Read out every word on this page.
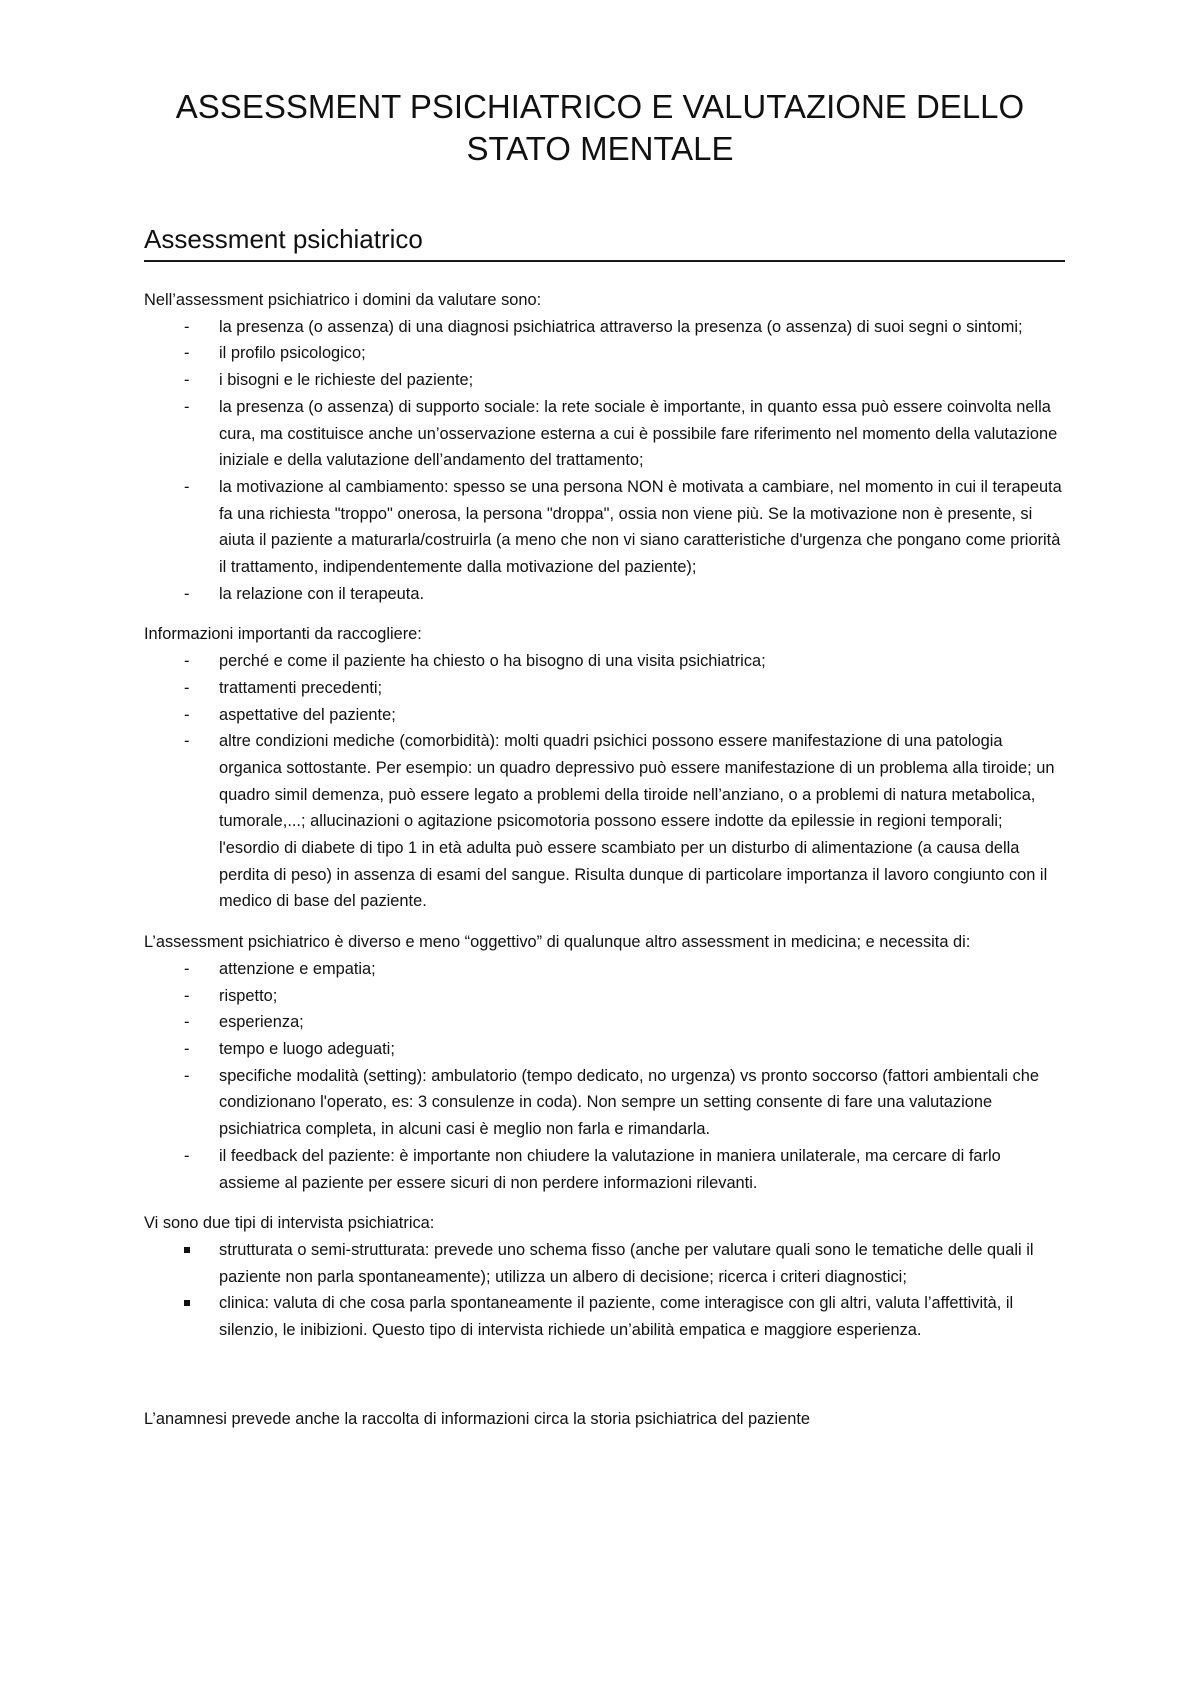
ASSESSMENT PSICHIATRICO E VALUTAZIONE DELLO STATO MENTALE
Assessment psichiatrico

Nell’assessment psichiatrico i domini da valutare sono:

- la presenza (o assenza) di una diagnosi psichiatrica attraverso la presenza (o assenza) di suoi segni o sintomi;
- il profilo psicologico;
- i bisogni e le richieste del paziente;
- la presenza (o assenza) di supporto sociale: la rete sociale è importante, in quanto essa può essere coinvolta nella cura, ma costituisce anche un’osservazione esterna a cui è possibile fare riferimento nel momento della valutazione iniziale e della valutazione dell’andamento del trattamento;
- la motivazione al cambiamento: spesso se una persona NON è motivata a cambiare, nel momento in cui il terapeuta fa una richiesta "troppo" onerosa, la persona "droppa", ossia non viene più. Se la motivazione non è presente, si aiuta il paziente a maturarla/costruirla (a meno che non vi siano caratteristiche d'urgenza che pongano come priorità il trattamento, indipendentemente dalla motivazione del paziente);
- la relazione con il terapeuta.

Informazioni importanti da raccogliere:

- perché e come il paziente ha chiesto o ha bisogno di una visita psichiatrica;
- trattamenti precedenti;
- aspettative del paziente;
- altre condizioni mediche (comorbidità): molti quadri psichici possono essere manifestazione di una patologia organica sottostante. Per esempio: un quadro depressivo può essere manifestazione di un problema alla tiroide; un quadro simil demenza, può essere legato a problemi della tiroide nell’anziano, o a problemi di natura metabolica, tumorale,...; allucinazioni o agitazione psicomotoria possono essere indotte da epilessie in regioni temporali; l'esordio di diabete di tipo 1 in età adulta può essere scambiato per un disturbo di alimentazione (a causa della perdita di peso) in assenza di esami del sangue. Risulta dunque di particolare importanza il lavoro congiunto con il medico di base del paziente.

L’assessment psichiatrico è diverso e meno “oggettivo” di qualunque altro assessment in medicina; e necessita di:

- attenzione e empatia;
- rispetto;
- esperienza;
- tempo e luogo adeguati;
- specifiche modalità (setting): ambulatorio (tempo dedicato, no urgenza) vs pronto soccorso (fattori ambientali che condizionano l'operato, es: 3 consulenze in coda). Non sempre un setting consente di fare una valutazione psichiatrica completa, in alcuni casi è meglio non farla e rimandarla.
- il feedback del paziente: è importante non chiudere la valutazione in maniera unilaterale, ma cercare di farlo assieme al paziente per essere sicuri di non perdere informazioni rilevanti.

Vi sono due tipi di intervista psichiatrica:

strutturata o semi-strutturata: prevede uno schema fisso (anche per valutare quali sono le tematiche delle quali il paziente non parla spontaneamente); utilizza un albero di decisione; ricerca i criteri diagnostici;
clinica: valuta di che cosa parla spontaneamente il paziente, come interagisce con gli altri, valuta l’affettività, il silenzio, le inibizioni. Questo tipo di intervista richiede un’abilità empatica e maggiore esperienza.

L’anamnesi prevede anche la raccolta di informazioni circa la storia psichiatrica del paziente
